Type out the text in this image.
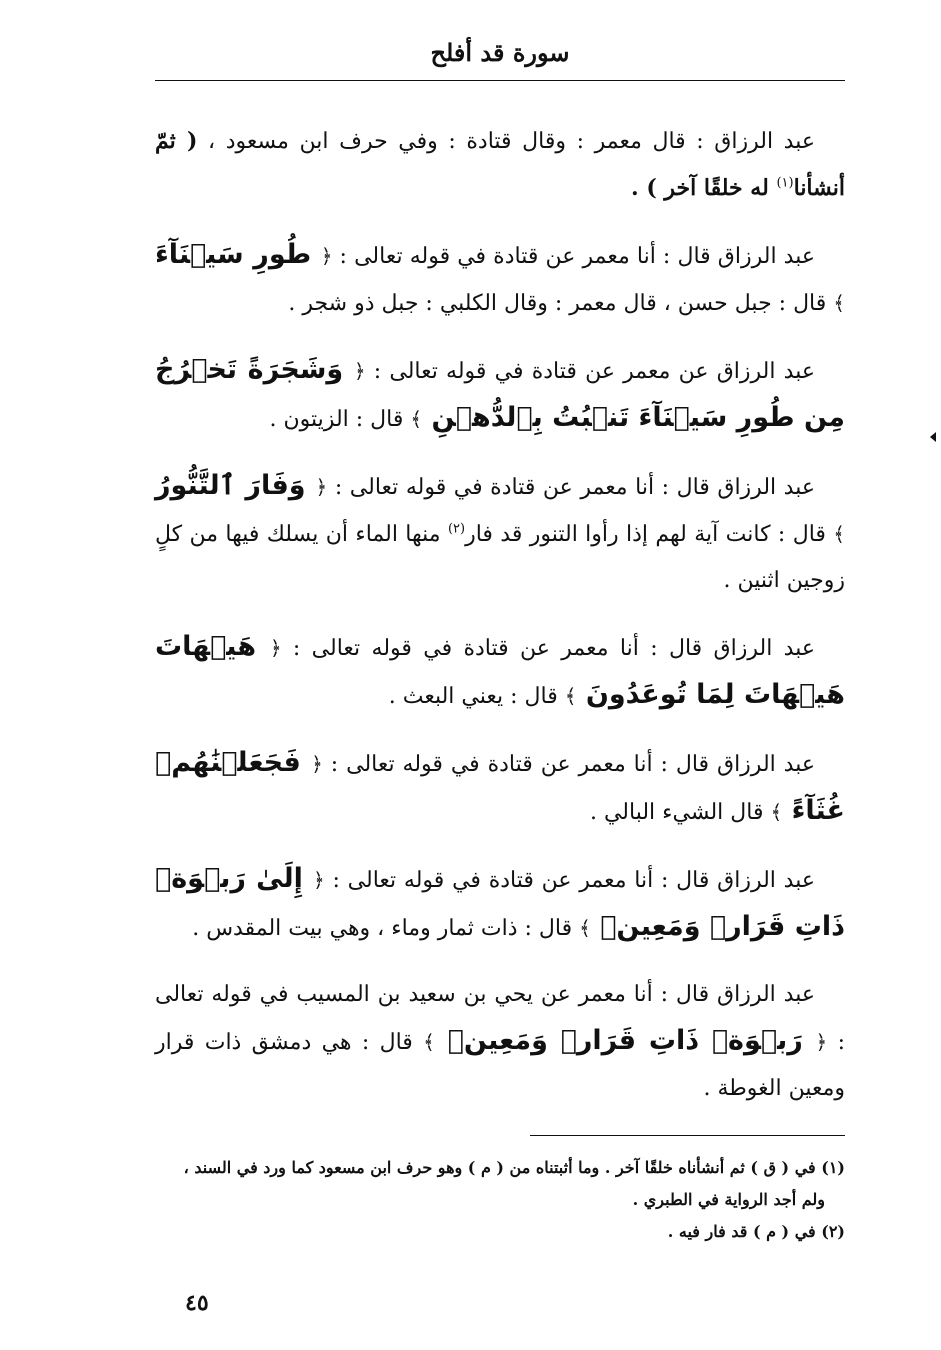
سورة قد أفلح

عبد الرزاق : قال معمر : وقال قتادة : وفي حرف ابن مسعود ، ( ثمّ أنشأنا$^{(١)}$ له خلقًا آخر ) .

عبد الرزاق قال : أنا معمر عن قتادة في قوله تعالى : ﴿ طُورِ سَيۡنَآءَ ﴾ قال : جبل حسن ، قال معمر : وقال الكلبي : جبل ذو شجر .

عبد الرزاق عن معمر عن قتادة في قوله تعالى : ﴿ وَشَجَرَةً تَخۡرُجُ مِن طُورِ سَيۡنَآءَ تَنۢبُتُ بِٱلدُّهۡنِ ﴾ قال : الزيتون .

عبد الرزاق قال : أنا معمر عن قتادة في قوله تعالى : ﴿ وَفَارَ ٱلتَّنُّورُ ﴾ قال : كانت آية لهم إذا رأوا التنور قد فار$^{(٢)}$ منها الماء أن يسلك فيها من كلٍ زوجين اثنين .

عبد الرزاق قال : أنا معمر عن قتادة في قوله تعالى : ﴿ هَيۡهَاتَ هَيۡهَاتَ لِمَا تُوعَدُونَ ﴾ قال : يعني البعث .

عبد الرزاق قال : أنا معمر عن قتادة في قوله تعالى : ﴿ فَجَعَلۡنَٰهُمۡ غُثَآءً ﴾ قال الشيء البالي .

عبد الرزاق قال : أنا معمر عن قتادة في قوله تعالى : ﴿ إِلَىٰ رَبۡوَةٖ ذَاتِ قَرَارٖ وَمَعِينٖ ﴾ قال : ذات ثمار وماء ، وهي بيت المقدس .

عبد الرزاق قال : أنا معمر عن يحي بن سعيد بن المسيب في قوله تعالى : ﴿ رَبۡوَةٖ ذَاتِ قَرَارٖ وَمَعِينٖ ﴾ قال : هي دمشق ذات قرار ومعين الغوطة .

(١) في ( ق ) ثم أنشأناه خلقًا آخر . وما أثبتناه من ( م ) وهو حرف ابن مسعود كما ورد في السند ،

ولم أجد الرواية في الطبري .

(٢) في ( م ) قد فار فيه .

٤٥
